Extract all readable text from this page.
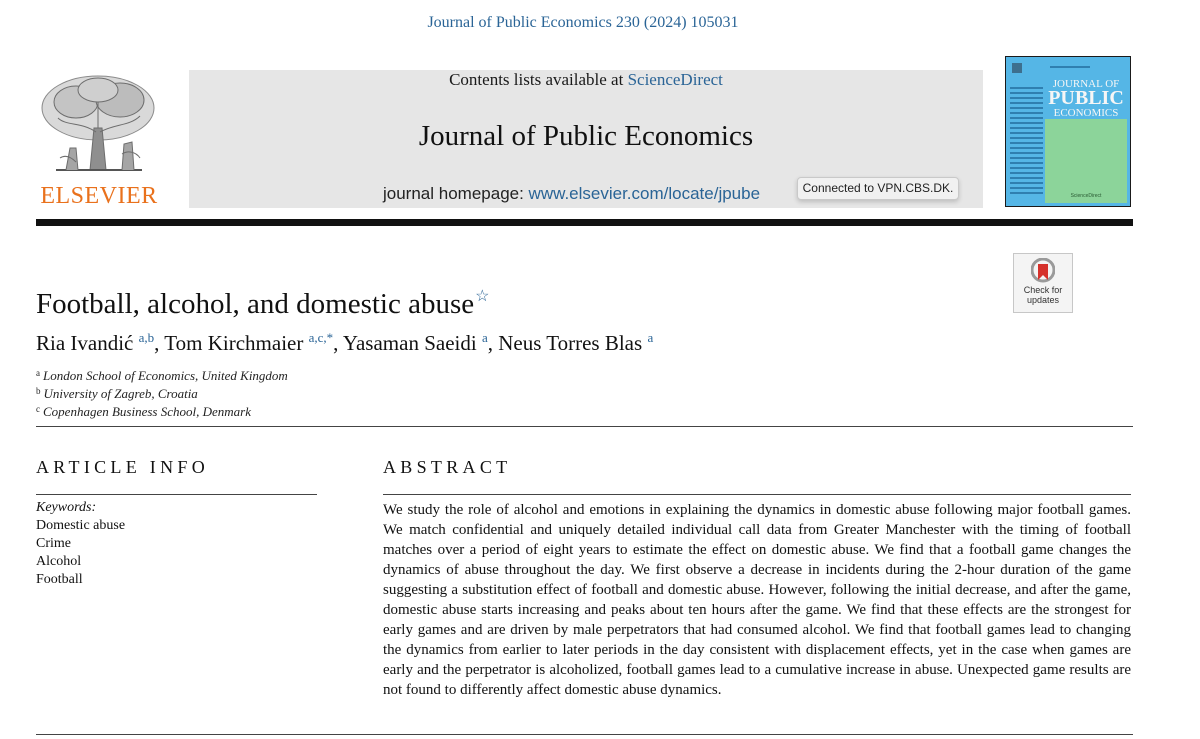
Journal of Public Economics 230 (2024) 105031
ELSEVIER
Contents lists available at ScienceDirect
Journal of Public Economics
journal homepage: www.elsevier.com/locate/jpube	Connected to VPN.CBS.DK.
JOURNAL OF
PUBLIC
ECONOMICS
ScienceDirect
Check for
updates
Football, alcohol, and domestic abuse☆
Ria Ivandić $^{a,b}$, Tom Kirchmaier $^{a,c,*}$, Yasaman Saeidi $^a$, Neus Torres Blas $^a$
$^a$ London School of Economics, United Kingdom
$^b$ University of Zagreb, Croatia
$^c$ Copenhagen Business School, Denmark
ARTICLE INFO	ABSTRACT
Keywords:
Domestic abuse
Crime
Alcohol
Football
We study the role of alcohol and emotions in explaining the dynamics in domestic abuse following major football games. We match confidential and uniquely detailed individual call data from Greater Manchester with the timing of football matches over a period of eight years to estimate the effect on domestic abuse. We find that a football game changes the dynamics of abuse throughout the day. We first observe a decrease in incidents during the 2-hour duration of the game suggesting a substitution effect of football and domestic abuse. However, following the initial decrease, and after the game, domestic abuse starts increasing and peaks about ten hours after the game. We find that these effects are the strongest for early games and are driven by male perpetrators that had consumed alcohol. We find that football games lead to changing the dynamics from earlier to later periods in the day consistent with displacement effects, yet in the case when games are early and the perpetrator is alcoholized, football games lead to a cumulative increase in abuse. Unexpected game results are not found to differently affect domestic abuse dynamics.
